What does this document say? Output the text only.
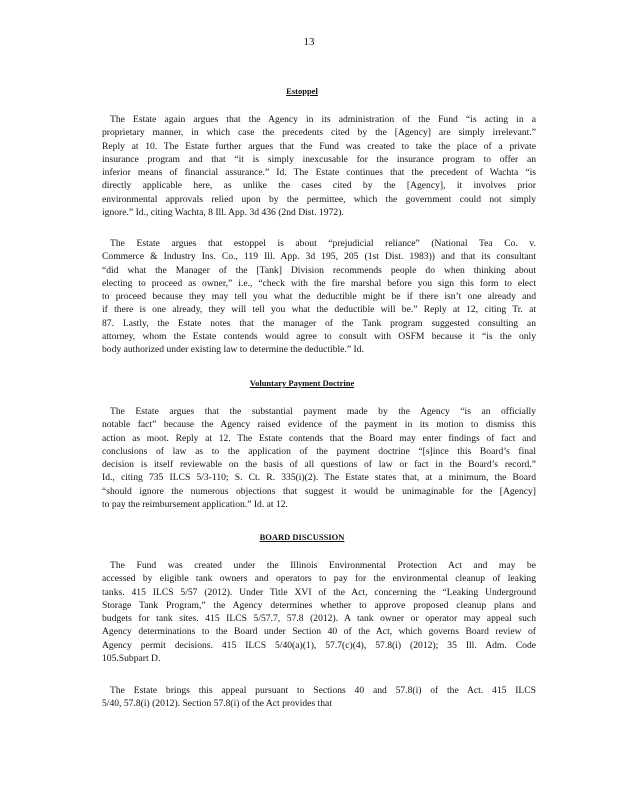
13
Estoppel
The Estate again argues that the Agency in its administration of the Fund “is acting in a
proprietary manner, in which case the precedents cited by the [Agency] are simply irrelevant.”
Reply at 10. The Estate further argues that the Fund was created to take the place of a private
insurance program and that “it is simply inexcusable for the insurance program to offer an
inferior means of financial assurance.” Id. The Estate continues that the precedent of Wachta “is
directly applicable here, as unlike the cases cited by the [Agency], it involves prior
environmental approvals relied upon by the permittee, which the government could not simply
ignore.” Id., citing Wachta, 8 Ill. App. 3d 436 (2nd Dist. 1972).
The Estate argues that estoppel is about “prejudicial reliance” (National Tea Co. v.
Commerce & Industry Ins. Co., 119 Ill. App. 3d 195, 205 (1st Dist. 1983)) and that its consultant
“did what the Manager of the [Tank] Division recommends people do when thinking about
electing to proceed as owner,” i.e., “check with the fire marshal before you sign this form to elect
to proceed because they may tell you what the deductible might be if there isn’t one already and
if there is one already, they will tell you what the deductible will be.” Reply at 12, citing Tr. at
87. Lastly, the Estate notes that the manager of the Tank program suggested consulting an
attorney, whom the Estate contends would agree to consult with OSFM because it “is the only
body authorized under existing law to determine the deductible.” Id.
Voluntary Payment Doctrine
The Estate argues that the substantial payment made by the Agency “is an officially
notable fact” because the Agency raised evidence of the payment in its motion to dismiss this
action as moot. Reply at 12. The Estate contends that the Board may enter findings of fact and
conclusions of law as to the application of the payment doctrine “[s]ince this Board’s final
decision is itself reviewable on the basis of all questions of law or fact in the Board’s record.”
Id., citing 735 ILCS 5/3-110; S. Ct. R. 335(i)(2). The Estate states that, at a minimum, the Board
“should ignore the numerous objections that suggest it would be unimaginable for the [Agency]
to pay the reimbursement application.” Id. at 12.
BOARD DISCUSSION
The Fund was created under the Illinois Environmental Protection Act and may be
accessed by eligible tank owners and operators to pay for the environmental cleanup of leaking
tanks. 415 ILCS 5/57 (2012). Under Title XVI of the Act, concerning the “Leaking Underground
Storage Tank Program,” the Agency determines whether to approve proposed cleanup plans and
budgets for tank sites. 415 ILCS 5/57.7, 57.8 (2012). A tank owner or operator may appeal such
Agency determinations to the Board under Section 40 of the Act, which governs Board review of
Agency permit decisions. 415 ILCS 5/40(a)(1), 57.7(c)(4), 57.8(i) (2012); 35 Ill. Adm. Code
105.Subpart D.
The Estate brings this appeal pursuant to Sections 40 and 57.8(i) of the Act. 415 ILCS
5/40, 57.8(i) (2012). Section 57.8(i) of the Act provides that
